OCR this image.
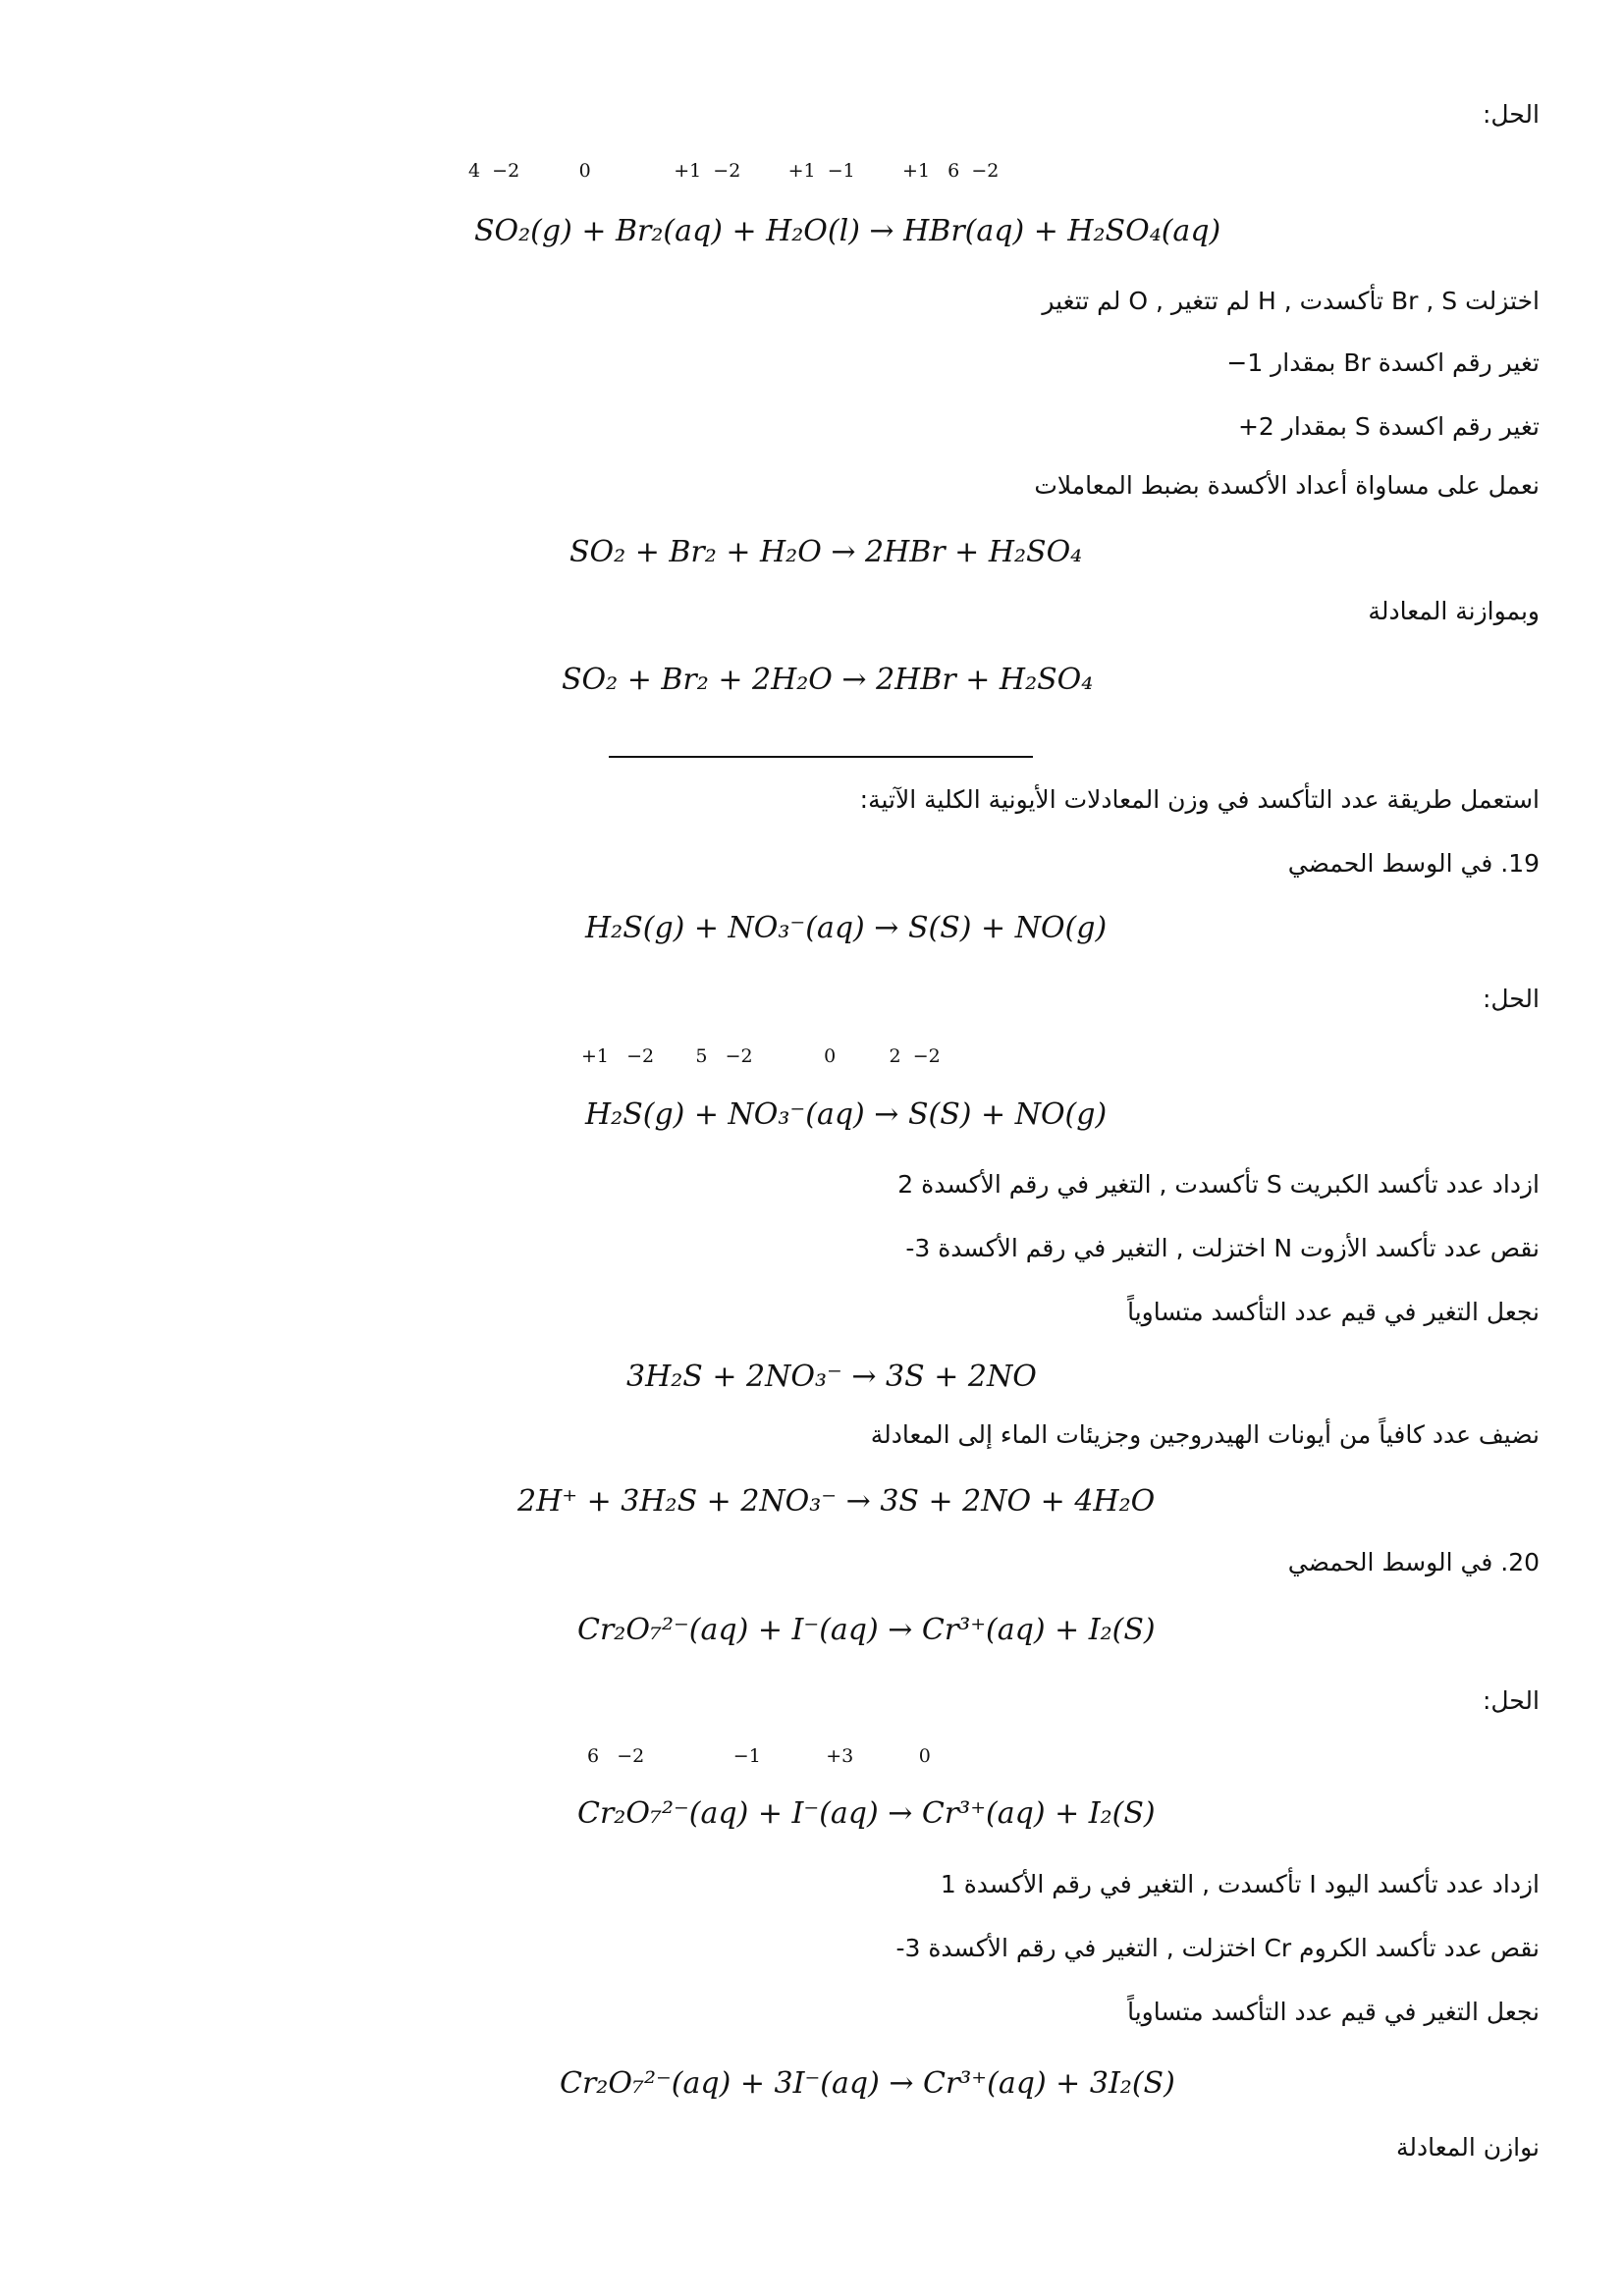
الحل:
4  −2          0              +1  −2        +1  −1        +1   6  −2
SO₂(g) + Br₂(aq) + H₂O(l) → HBr(aq) + H₂SO₄(aq)
اختزلت Br , S تأكسدت , H لم تتغير , O لم تتغير
تغير رقم اكسدة Br بمقدار 1−
تغير رقم اكسدة S بمقدار 2+
نعمل على مساواة أعداد الأكسدة بضبط المعاملات
SO₂ + Br₂ + H₂O → 2HBr + H₂SO₄
وبموازنة المعادلة
SO₂ + Br₂ + 2H₂O → 2HBr + H₂SO₄
استعمل طريقة عدد التأكسد في وزن المعادلات الأيونية الكلية الآتية:
19. في الوسط الحمضي
H₂S(g) + NO₃⁻(aq) → S(S) + NO(g)
الحل:
+1   −2       5   −2            0         2  −2
H₂S(g) + NO₃⁻(aq) → S(S) + NO(g)
ازداد عدد تأكسد الكبريت S تأكسدت , التغير في رقم الأكسدة 2
نقص عدد تأكسد الأزوت N اختزلت , التغير في رقم الأكسدة 3-
نجعل التغير في قيم عدد التأكسد متساوياً
3H₂S + 2NO₃⁻ → 3S + 2NO
نضيف عدد كافياً من أيونات الهيدروجين وجزيئات الماء إلى المعادلة
2H⁺ + 3H₂S + 2NO₃⁻ → 3S + 2NO + 4H₂O
20. في الوسط الحمضي
Cr₂O₇²⁻(aq) + I⁻(aq) → Cr³⁺(aq) + I₂(S)
الحل:
6   −2               −1           +3           0
Cr₂O₇²⁻(aq) + I⁻(aq) → Cr³⁺(aq) + I₂(S)
ازداد عدد تأكسد اليود I تأكسدت , التغير في رقم الأكسدة 1
نقص عدد تأكسد الكروم Cr اختزلت , التغير في رقم الأكسدة 3-
نجعل التغير في قيم عدد التأكسد متساوياً
Cr₂O₇²⁻(aq) + 3I⁻(aq) → Cr³⁺(aq) + 3I₂(S)
نوازن المعادلة
